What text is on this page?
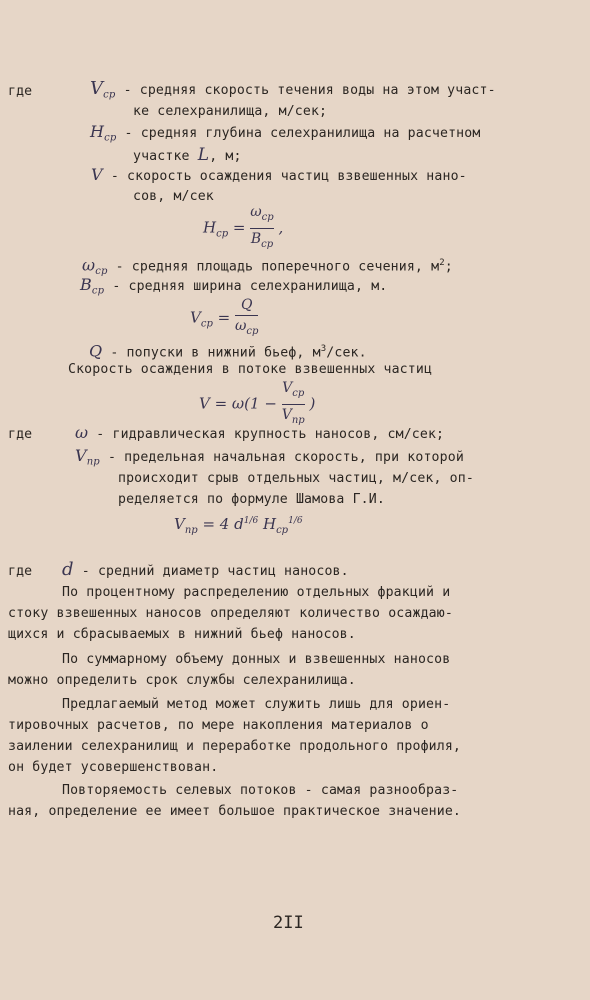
где	$V_{ср}$ - средняя скорость течения воды на этом участ-
ке селехранилища, м/сек;
$H_{ср}$ - средняя глубина селехранилища на расчетном
участке L, м;
V - скорость осаждения частиц взвешенных нано-
сов, м/сек
$H_{ср} = \frac{\omega_{ср}}{B_{ср}}$ ,
$\omega_{ср}$ - средняя площадь поперечного сечения, $м^2$;
$B_{ср}$ - средняя ширина селехранилища, м.
$V_{ср} = \frac{Q}{\omega_{ср}}$
Q - попуски в нижний бьеф, $м^3$/сек.
Скорость осаждения в потоке взвешенных частиц
$V = \omega(1 - \frac{V_{ср}}{V_{пр}}$ )
где	ω - гидравлическая крупность наносов, см/сек;
$V_{пр}$ - предельная начальная скорость, при которой
происходит срыв отдельных частиц, м/сек, оп-
ределяется по формуле Шамова Г.И.
$V_{пр} = 4$ $d^{1/6}$ $H_{ср}^{1/6}$
где d - средний диаметр частиц наносов.
По процентному распределению отдельных фракций и
стоку взвешенных наносов определяют количество осаждаю-
щихся и сбрасываемых в нижний бьеф наносов.
По суммарному объему донных и взвешенных наносов
можно определить срок службы селехранилища.
Предлагаемый метод может служить лишь для ориен-
тировочных расчетов, по мере накопления материалов о
заилении селехранилищ и переработке продольного профиля,
он будет усовершенствован.
Повторяемость селевых потоков - самая разнообраз-
ная, определение ее имеет большое практическое значение.
2II
